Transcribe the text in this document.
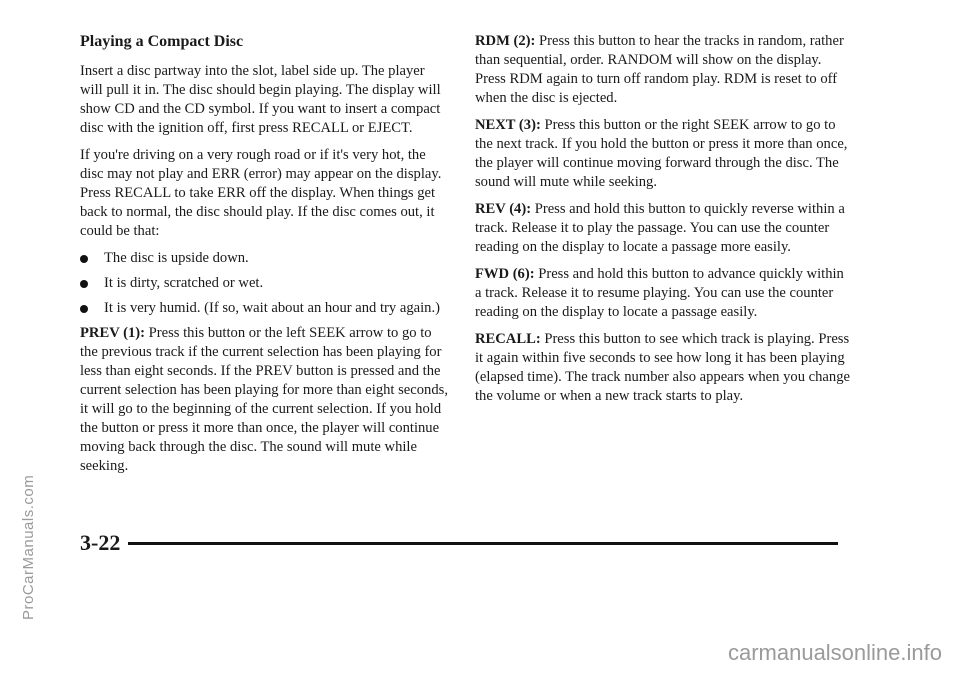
Playing a Compact Disc

Insert a disc partway into the slot, label side up. The player will pull it in. The disc should begin playing. The display will show CD and the CD symbol. If you want to insert a compact disc with the ignition off, first press RECALL or EJECT.

If you're driving on a very rough road or if it's very hot, the disc may not play and ERR (error) may appear on the display. Press RECALL to take ERR off the display. When things get back to normal, the disc should play. If the disc comes out, it could be that:

The disc is upside down.
It is dirty, scratched or wet.
It is very humid. (If so, wait about an hour and try again.)

PREV (1): Press this button or the left SEEK arrow to go to the previous track if the current selection has been playing for less than eight seconds. If the PREV button is pressed and the current selection has been playing for more than eight seconds, it will go to the beginning of the current selection. If you hold the button or press it more than once, the player will continue moving back through the disc. The sound will mute while seeking.

RDM (2): Press this button to hear the tracks in random, rather than sequential, order. RANDOM will show on the display. Press RDM again to turn off random play. RDM is reset to off when the disc is ejected.

NEXT (3): Press this button or the right SEEK arrow to go to the next track. If you hold the button or press it more than once, the player will continue moving forward through the disc. The sound will mute while seeking.

REV (4): Press and hold this button to quickly reverse within a track. Release it to play the passage. You can use the counter reading on the display to locate a passage more easily.

FWD (6): Press and hold this button to advance quickly within a track. Release it to resume playing. You can use the counter reading on the display to locate a passage easily.

RECALL: Press this button to see which track is playing. Press it again within five seconds to see how long it has been playing (elapsed time). The track number also appears when you change the volume or when a new track starts to play.

3-22
ProCarManuals.com
carmanualsonline.info
